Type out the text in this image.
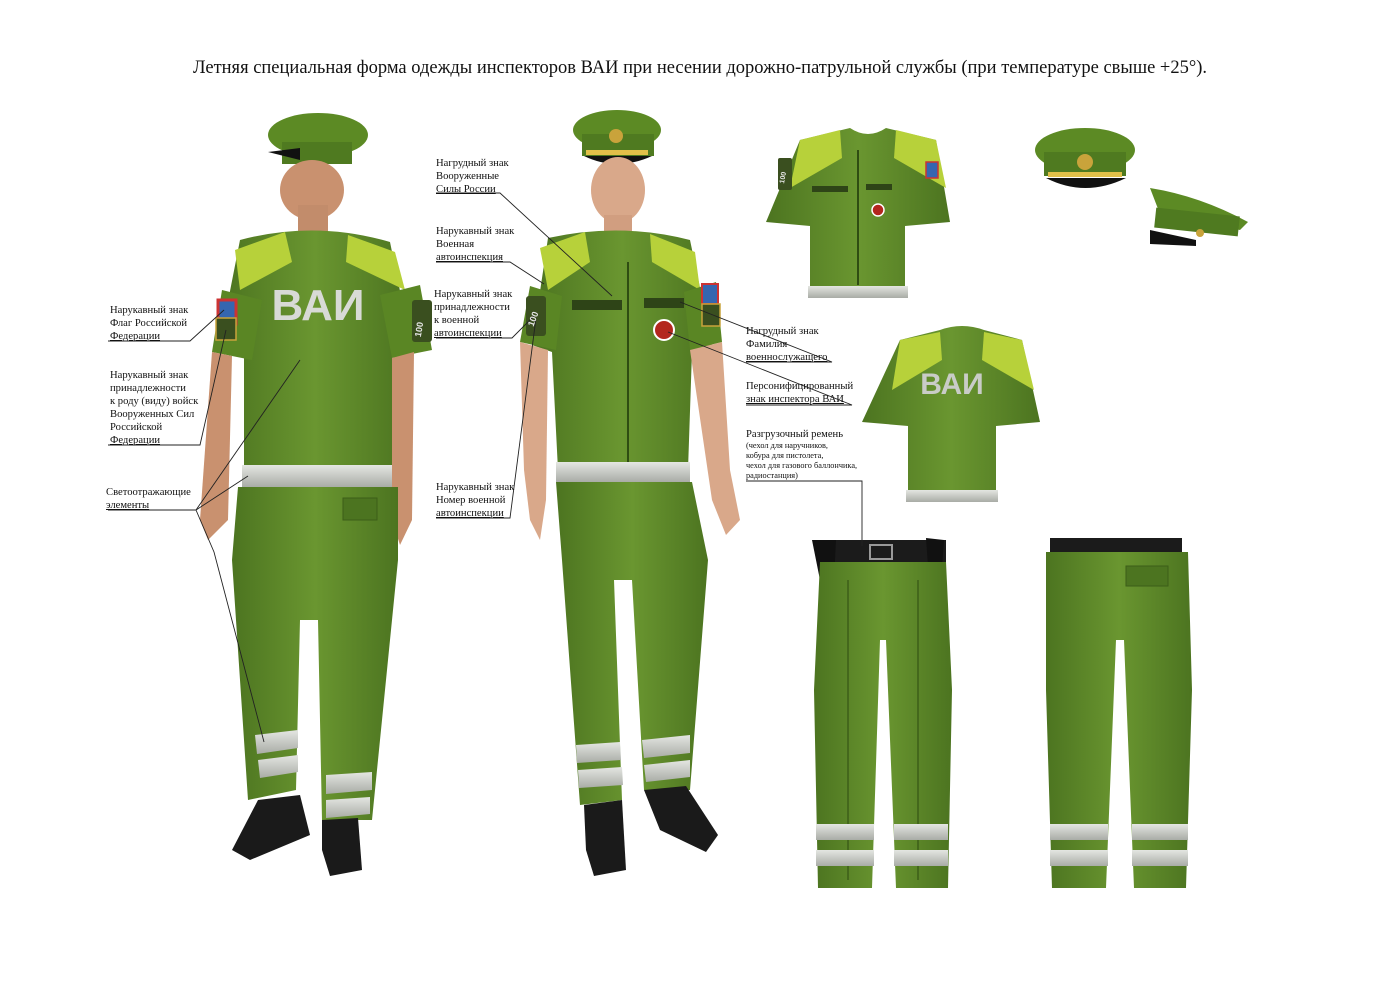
Летняя специальная форма одежды инспекторов ВАИ при несении дорожно-патрульной службы (при температуре свыше +25°).
ВАИ
ВАИ
Нарукавный знак
Флаг Российской
Федерации
Нарукавный знак
принадлежности
к роду (виду) войск
Вооруженных Сил
Российской
Федерации
Светоотражающие
элементы
Нагрудный знак
Вооруженные
Силы России
Нарукавный знак
Военная
автоинспекция
Нарукавный знак
принадлежности
к военной
автоинспекции
Нарукавный знак
Номер военной
автоинспекции
Нагрудный знак
Фамилия
военнослужащего
Персонифицированный
знак инспектора ВАИ
Разгрузочный ремень
(чехол для наручников,
кобура для пистолета,
чехол для газового баллончика,
радиостанция)
100
100
100
